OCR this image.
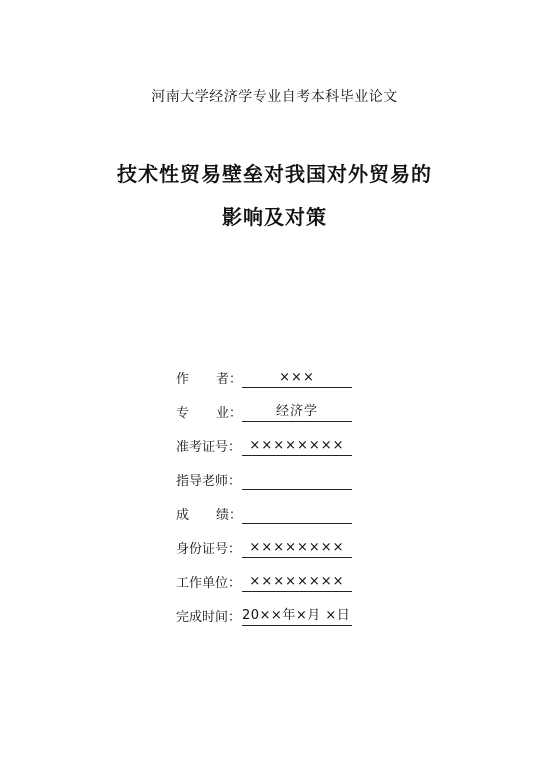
河南大学经济学专业自考本科毕业论文
技术性贸易壁垒对我国对外贸易的
影响及对策
作 者 ：	×××
专 业 ：	经济学
准考证号： ××××××××
指导老师：
成 绩 ：
身份证号： ××××××××
工作单位： ××××××××
完成时间： 20××年×月 ×日
